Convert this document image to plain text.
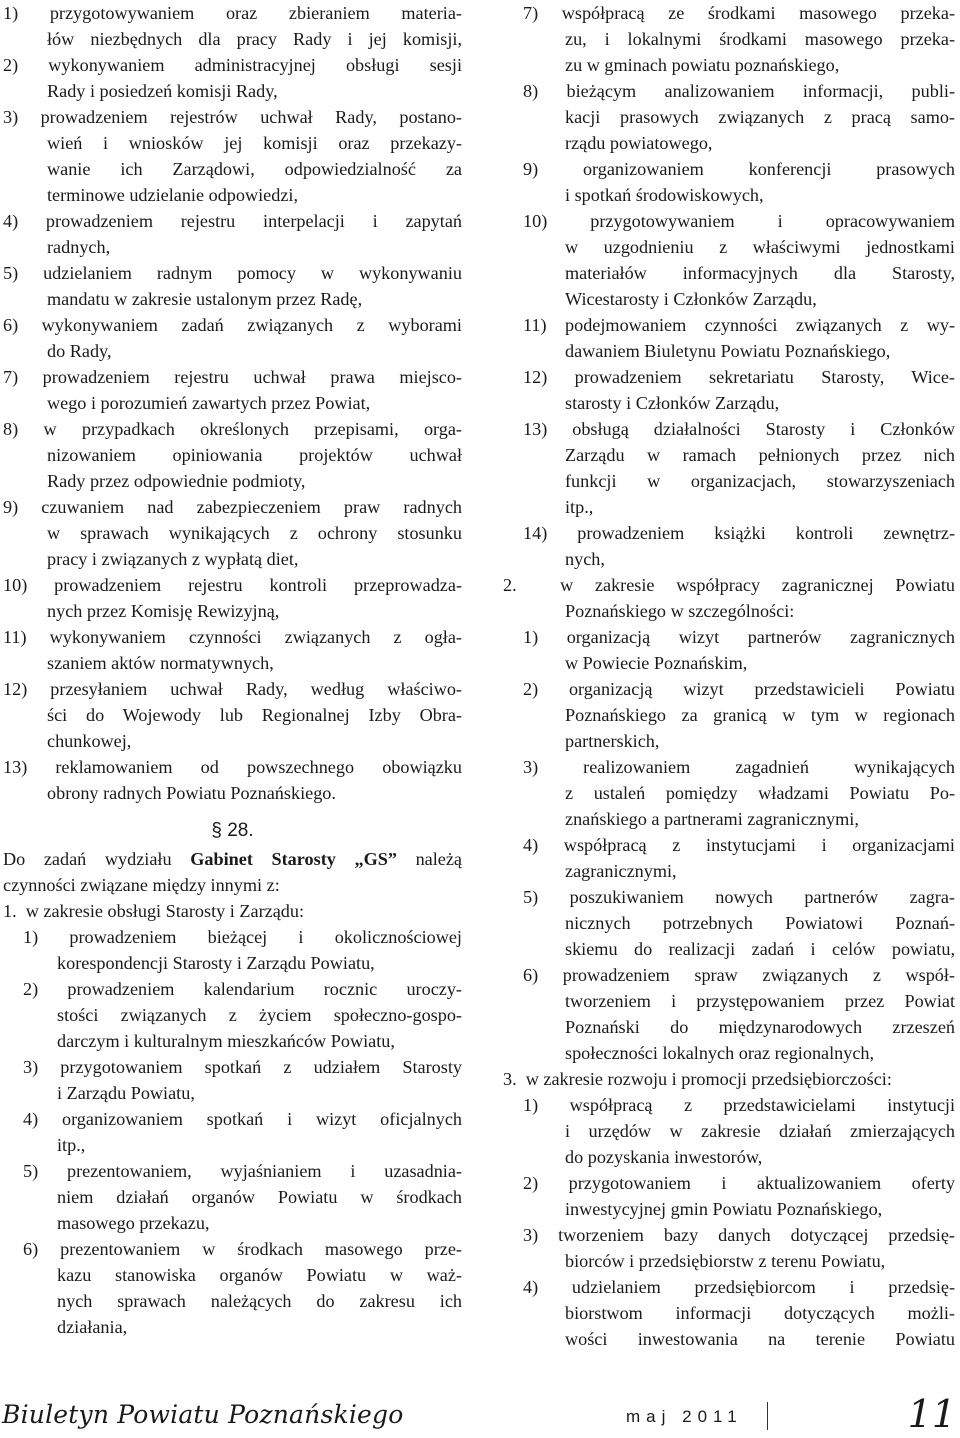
1) przygotowywaniem oraz zbieraniem materia-
łów niezbędnych dla pracy Rady i jej komisji,
2) wykonywaniem administracyjnej obsługi sesji
Rady i posiedzeń komisji Rady,
3) prowadzeniem rejestrów uchwał Rady, postano-
wień i wniosków jej komisji oraz przekazy-
wanie ich Zarządowi, odpowiedzialność za
terminowe udzielanie odpowiedzi,
4) prowadzeniem rejestru interpelacji i zapytań
radnych,
5) udzielaniem radnym pomocy w wykonywaniu
mandatu w zakresie ustalonym przez Radę,
6) wykonywaniem zadań związanych z wyborami
do Rady,
7) prowadzeniem rejestru uchwał prawa miejsco-
wego i porozumień zawartych przez Powiat,
8) w przypadkach określonych przepisami, orga-
nizowaniem opiniowania projektów uchwał
Rady przez odpowiednie podmioty,
9) czuwaniem nad zabezpieczeniem praw radnych
w sprawach wynikających z ochrony stosunku
pracy i związanych z wypłatą diet,
10) prowadzeniem rejestru kontroli przeprowadza-
nych przez Komisję Rewizyjną,
11) wykonywaniem czynności związanych z ogła-
szaniem aktów normatywnych,
12) przesyłaniem uchwał Rady, według właściwo-
ści do Wojewody lub Regionalnej Izby Obra-
chunkowej,
13) reklamowaniem od powszechnego obowiązku
obrony radnych Powiatu Poznańskiego.
§ 28.
Do zadań wydziału Gabinet Starosty „GS” należą
czynności związane między innymi z:
1.  w zakresie obsługi Starosty i Zarządu:
1) prowadzeniem bieżącej i okolicznościowej
korespondencji Starosty i Zarządu Powiatu,
2) prowadzeniem kalendarium rocznic uroczy-
stości związanych z życiem społeczno-gospo-
darczym i kulturalnym mieszkańców Powiatu,
3) przygotowaniem spotkań z udziałem Starosty
i Zarządu Powiatu,
4) organizowaniem spotkań i wizyt oficjalnych
itp.,
5) prezentowaniem, wyjaśnianiem i uzasadnia-
niem działań organów Powiatu w środkach
masowego przekazu,
6) prezentowaniem w środkach masowego prze-
kazu stanowiska organów Powiatu w waż-
nych sprawach należących do zakresu ich
działania,
7) współpracą ze środkami masowego przeka-
zu, i lokalnymi środkami masowego przeka-
zu w gminach powiatu poznańskiego,
8) bieżącym analizowaniem informacji, publi-
kacji prasowych związanych z pracą samo-
rządu powiatowego,
9) organizowaniem konferencji prasowych
i spotkań środowiskowych,
10) przygotowywaniem i opracowywaniem
w uzgodnieniu z właściwymi jednostkami
materiałów informacyjnych dla Starosty,
Wicestarosty i Członków Zarządu,
11) podejmowaniem czynności związanych z wy-
dawaniem Biuletynu Powiatu Poznańskiego,
12) prowadzeniem sekretariatu Starosty, Wice-
starosty i Członków Zarządu,
13) obsługą działalności Starosty i Członków
Zarządu w ramach pełnionych przez nich
funkcji w organizacjach, stowarzyszeniach
itp.,
14) prowadzeniem książki kontroli zewnętrz-
nych,
2.  w zakresie współpracy zagranicznej Powiatu
Poznańskiego w szczególności:
1) organizacją wizyt partnerów zagranicznych
w Powiecie Poznańskim,
2) organizacją wizyt przedstawicieli Powiatu
Poznańskiego za granicą w tym w regionach
partnerskich,
3) realizowaniem zagadnień wynikających
z ustaleń pomiędzy władzami Powiatu Po-
znańskiego a partnerami zagranicznymi,
4) współpracą z instytucjami i organizacjami
zagranicznymi,
5) poszukiwaniem nowych partnerów zagra-
nicznych potrzebnych Powiatowi Poznań-
skiemu do realizacji zadań i celów powiatu,
6) prowadzeniem spraw związanych z współ-
tworzeniem i przystępowaniem przez Powiat
Poznański do międzynarodowych zrzeszeń
społeczności lokalnych oraz regionalnych,
3.  w zakresie rozwoju i promocji przedsiębiorczości:
1) współpracą z przedstawicielami instytucji
i urzędów w zakresie działań zmierzających
do pozyskania inwestorów,
2) przygotowaniem i aktualizowaniem oferty
inwestycyjnej gmin Powiatu Poznańskiego,
3) tworzeniem bazy danych dotyczącej przedsię-
biorców i przedsiębiorstw z terenu Powiatu,
4) udzielaniem przedsiębiorcom i przedsię-
biorstwom informacji dotyczących możli-
wości inwestowania na terenie Powiatu
Biuletyn Powiatu Poznańskiego	maj 2011	11
